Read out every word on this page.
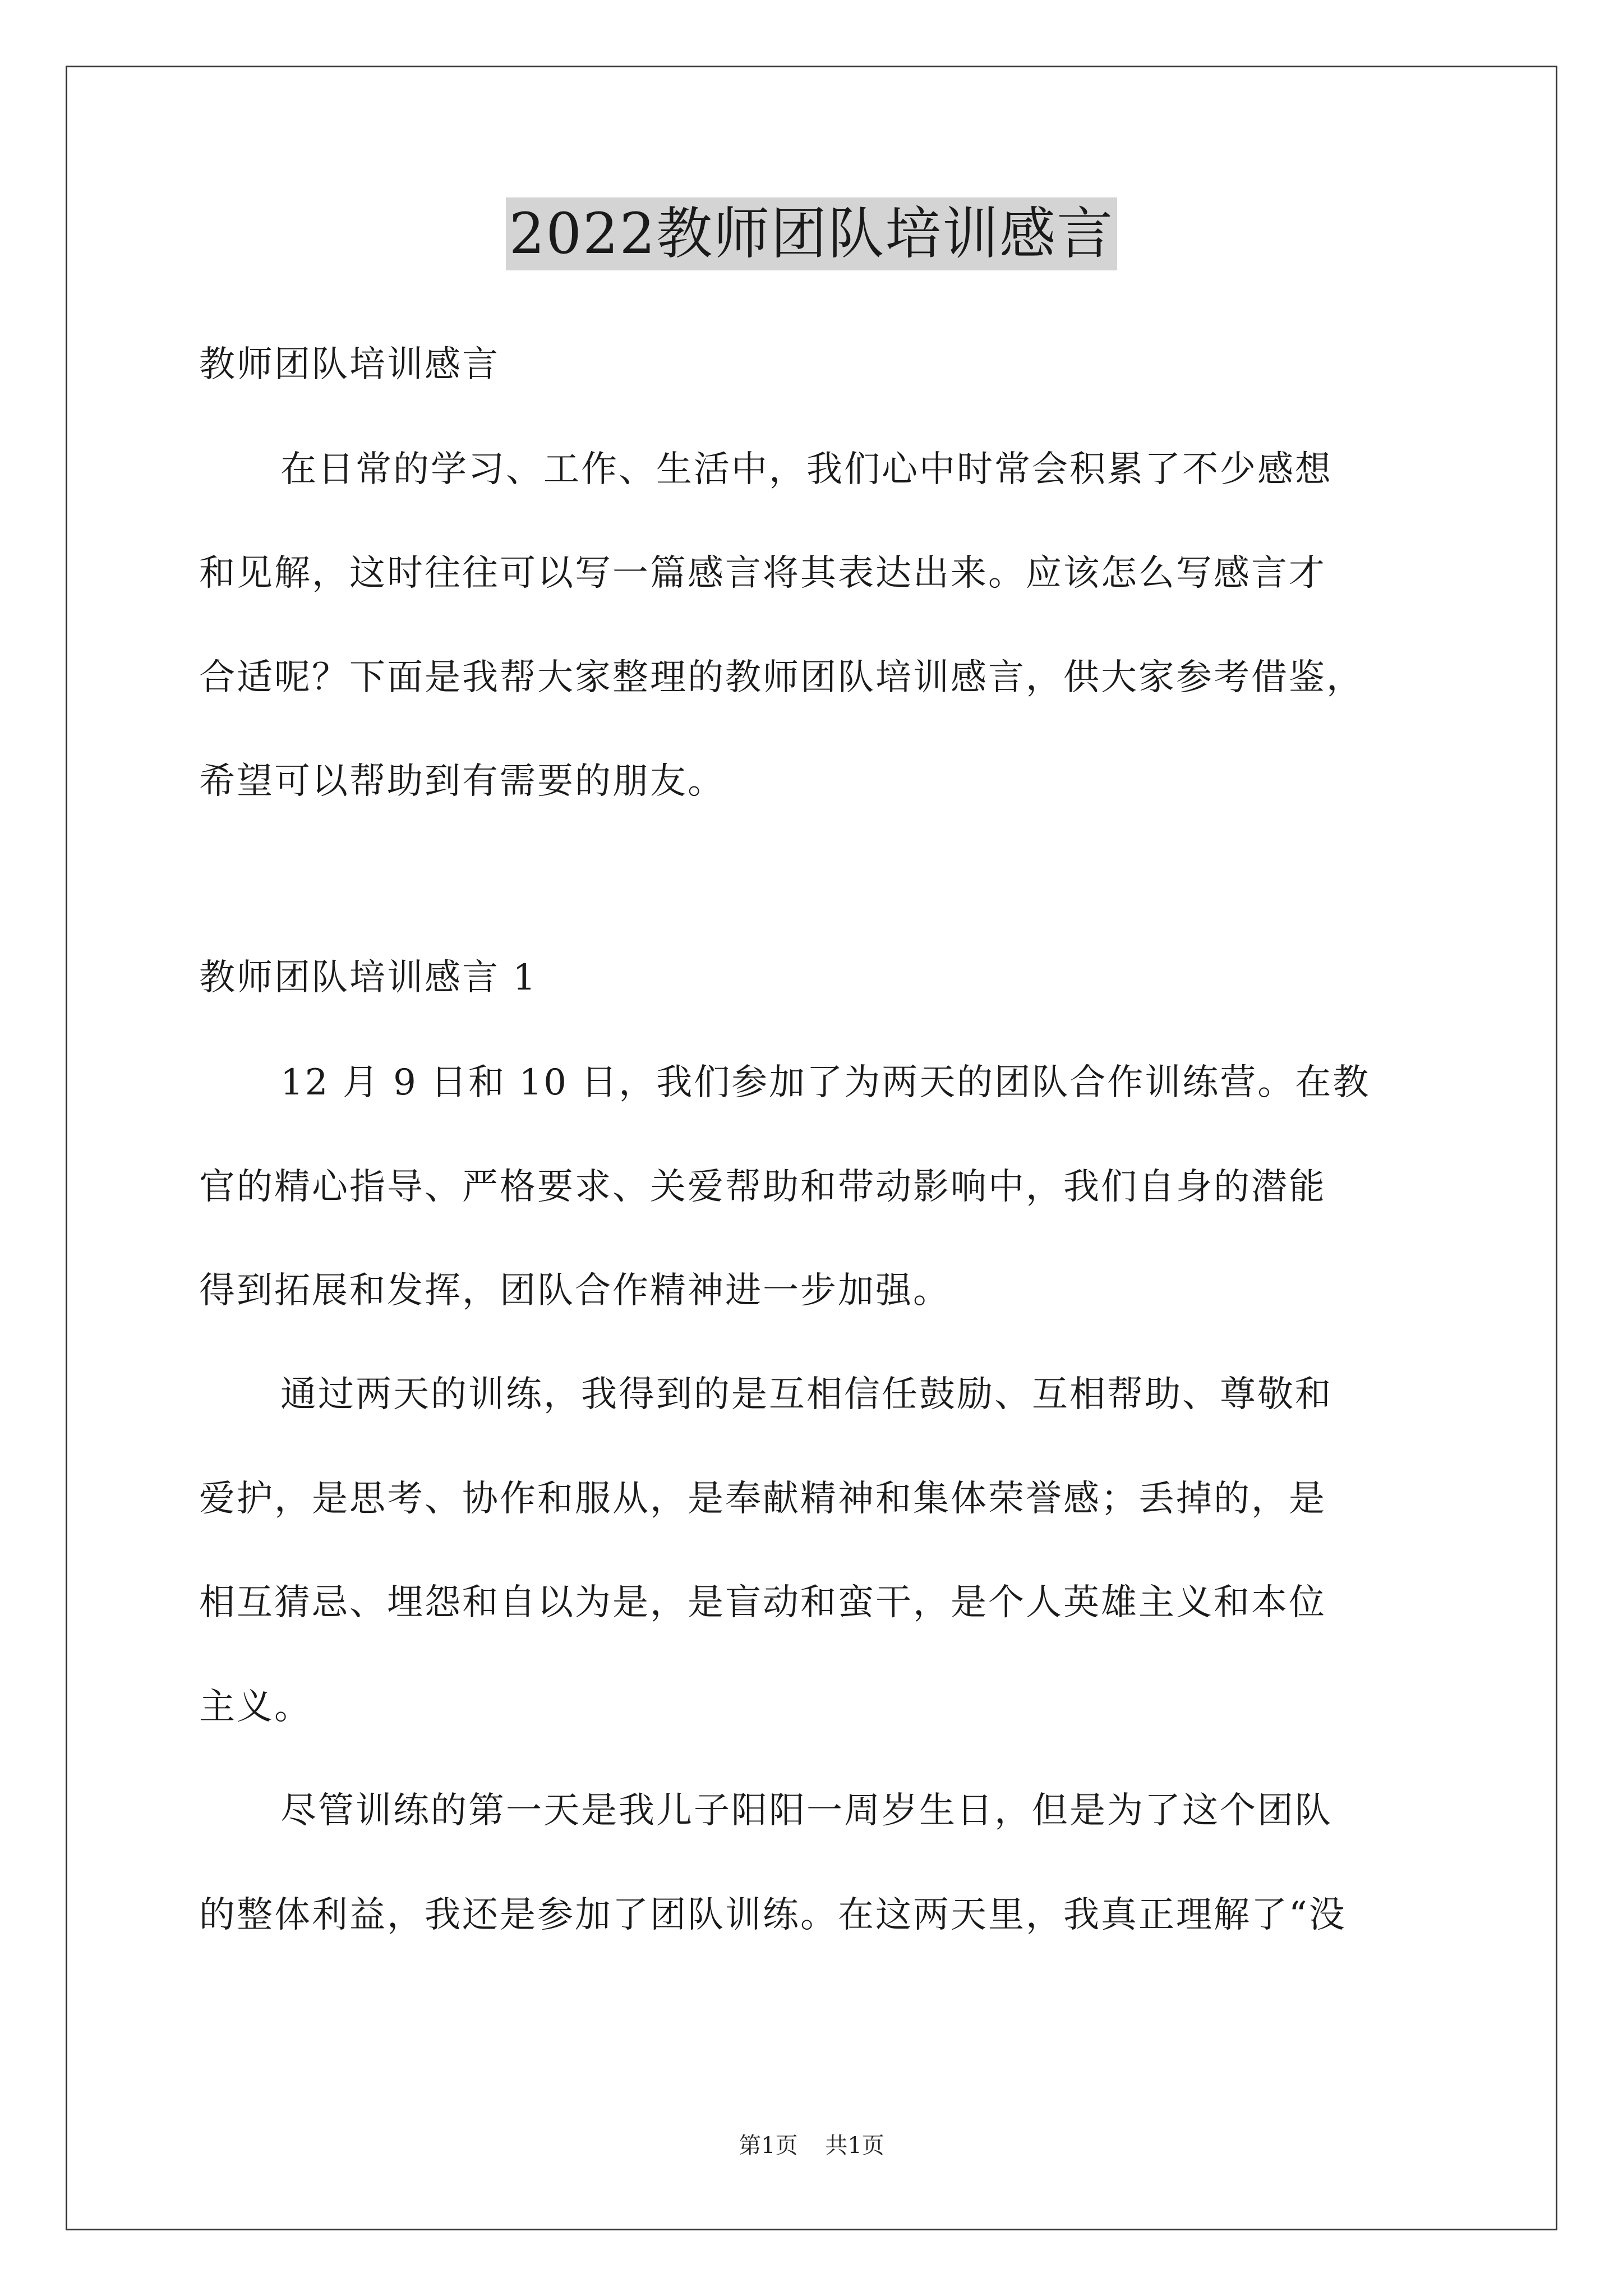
2022教师团队培训感言
教师团队培训感言
在日常的学习、工作、生活中，我们心中时常会积累了不少感想
和见解，这时往往可以写一篇感言将其表达出来。应该怎么写感言才
合适呢？下面是我帮大家整理的教师团队培训感言，供大家参考借鉴，
希望可以帮助到有需要的朋友。
教师团队培训感言 1
12 月 9 日和 10 日，我们参加了为两天的团队合作训练营。在教
官的精心指导、严格要求、关爱帮助和带动影响中，我们自身的潜能
得到拓展和发挥，团队合作精神进一步加强。
通过两天的训练，我得到的是互相信任鼓励、互相帮助、尊敬和
爱护，是思考、协作和服从，是奉献精神和集体荣誉感；丢掉的，是
相互猜忌、埋怨和自以为是，是盲动和蛮干，是个人英雄主义和本位
主义。
尽管训练的第一天是我儿子阳阳一周岁生日，但是为了这个团队
的整体利益，我还是参加了团队训练。在这两天里，我真正理解了“没
第1页 共1页
